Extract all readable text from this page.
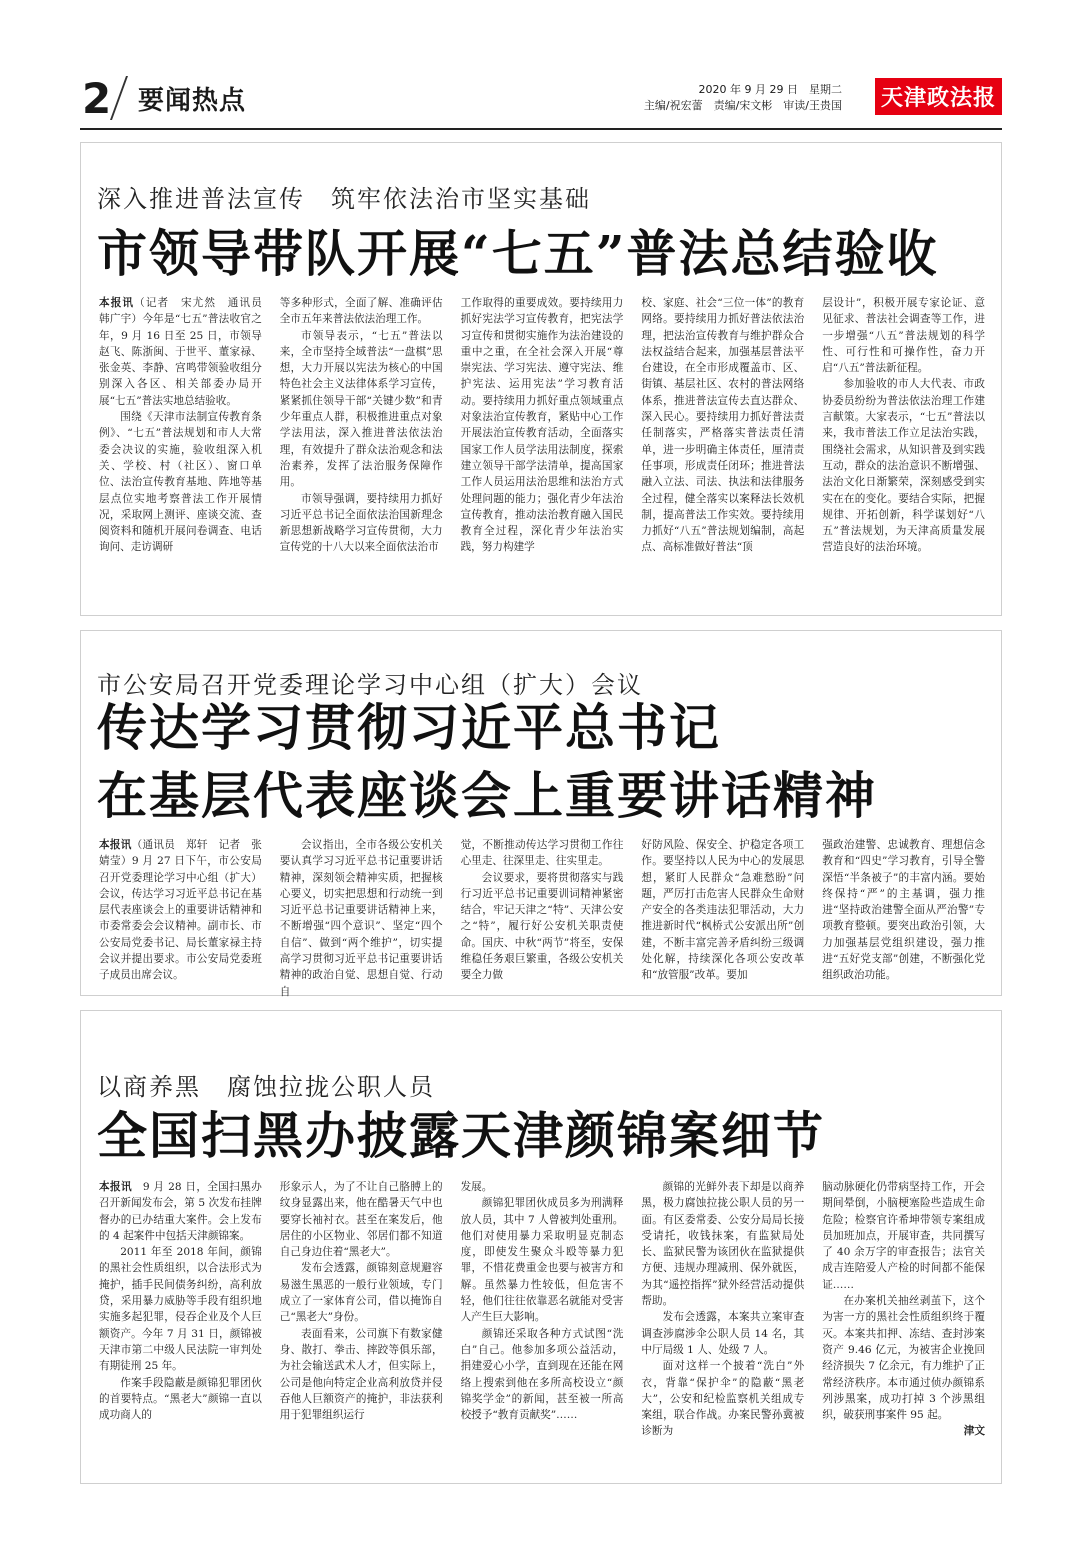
2 要闻热点	2020 年 9 月 29 日　星期二
主编/祝宏蕾　责编/宋文彬　审读/王贵国 天津政法报
深入推进普法宣传　筑牢依法治市坚实基础
市领导带队开展“七五”普法总结验收

本报讯（记者　宋尤然　通讯员　韩广宇）今年是“七五”普法收官之年，9 月 16 日至 25 日，市领导赵飞、陈浙闽、于世平、董家禄、张金英、李静、宫鸣带领验收组分别深入各区、相关部委办局开展“七五”普法实地总结验收。

围绕《天津市法制宣传教育条例》、“七五”普法规划和市人大常委会决议的实施，验收组深入机关、学校、村（社区）、窗口单位、法治宣传教育基地、阵地等基层点位实地考察普法工作开展情况，采取网上测评、座谈交流、查阅资料和随机开展问卷调查、电话询问、走访调研

等多种形式，全面了解、准确评估全市五年来普法依法治理工作。

市领导表示，“七五”普法以来，全市坚持全域普法“一盘棋”思想，大力开展以宪法为核心的中国特色社会主义法律体系学习宣传，紧紧抓住领导干部“关键少数”和青少年重点人群，积极推进重点对象学法用法，深入推进普法依法治理，有效提升了群众法治观念和法治素养，发挥了法治服务保障作用。

市领导强调，要持续用力抓好习近平总书记全面依法治国新理念新思想新战略学习宣传贯彻，大力宣传党的十八大以来全面依法治市

工作取得的重要成效。要持续用力抓好宪法学习宣传教育，把宪法学习宣传和贯彻实施作为法治建设的重中之重，在全社会深入开展“尊崇宪法、学习宪法、遵守宪法、维护宪法、运用宪法”学习教育活动。要持续用力抓好重点领域重点对象法治宣传教育，紧贴中心工作开展法治宣传教育活动，全面落实国家工作人员学法用法制度，探索建立领导干部学法清单，提高国家工作人员运用法治思维和法治方式处理问题的能力；强化青少年法治宣传教育，推动法治教育融入国民教育全过程，深化青少年法治实践，努力构建学

校、家庭、社会“三位一体”的教育网络。要持续用力抓好普法依法治理，把法治宣传教育与维护群众合法权益结合起来，加强基层普法平台建设，在全市形成覆盖市、区、街镇、基层社区、农村的普法网络体系，推进普法宣传去直达群众、深入民心。要持续用力抓好普法责任制落实，严格落实普法责任清单，进一步明确主体责任，厘清责任事项，形成责任闭环；推进普法融入立法、司法、执法和法律服务全过程，健全落实以案释法长效机制，提高普法工作实效。要持续用力抓好“八五”普法规划编制，高起点、高标准做好普法“顶

层设计”，积极开展专家论证、意见征求、普法社会调查等工作，进一步增强“八五”普法规划的科学性、可行性和可操作性，奋力开启“八五”普法新征程。

参加验收的市人大代表、市政协委员纷纷为普法依法治理工作建言献策。大家表示，“七五”普法以来，我市普法工作立足法治实践，围绕社会需求，从知识普及到实践互动，群众的法治意识不断增强、法治文化日渐繁荣，深刻感受到实实在在的变化。要结合实际，把握规律、开拓创新，科学谋划好“八五”普法规划，为天津高质量发展营造良好的法治环境。

市公安局召开党委理论学习中心组（扩大）会议
传达学习贯彻习近平总书记
在基层代表座谈会上重要讲话精神

本报讯（通讯员　郑轩　记者　张婧莹）9 月 27 日下午，市公安局召开党委理论学习中心组（扩大）会议，传达学习习近平总书记在基层代表座谈会上的重要讲话精神和市委常委会会议精神。副市长、市公安局党委书记、局长董家禄主持会议并提出要求。市公安局党委班子成员出席会议。

会议指出，全市各级公安机关要认真学习习近平总书记重要讲话精神，深刻领会精神实质，把握核心要义，切实把思想和行动统一到习近平总书记重要讲话精神上来，不断增强“四个意识”、坚定“四个自信”、做到“两个维护”，切实提高学习贯彻习近平总书记重要讲话精神的政治自觉、思想自觉、行动自

觉，不断推动传达学习贯彻工作往心里走、往深里走、往实里走。

会议要求，要将贯彻落实与践行习近平总书记重要训词精神紧密结合，牢记天津之“特”、天津公安之“特”，履行好公安机关职责使命。国庆、中秋“两节”将至，安保维稳任务艰巨繁重，各级公安机关要全力做

好防风险、保安全、护稳定各项工作。要坚持以人民为中心的发展思想，紧盯人民群众“急难愁盼”问题，严厉打击危害人民群众生命财产安全的各类违法犯罪活动，大力推进新时代“枫桥式公安派出所”创建，不断丰富完善矛盾纠纷三级调处化解，持续深化各项公安改革和“放管服”改革。要加

强政治建警、忠诚教育、理想信念教育和“四史”学习教育，引导全警深悟“半条被子”的丰富内涵。要始终保持“严”的主基调，强力推进“坚持政治建警全面从严治警”专项教育整顿。要突出政治引领，大力加强基层党组织建设，强力推进“五好党支部”创建，不断强化党组织政治功能。

以商养黑　腐蚀拉拢公职人员
全国扫黑办披露天津颜锦案细节

本报讯　 9 月 28 日，全国扫黑办召开新闻发布会，第 5 次发布挂牌督办的已办结重大案件。会上发布的 4 起案件中包括天津颜锦案。

2011 年至 2018 年间，颜锦的黑社会性质组织，以合法形式为掩护，插手民间债务纠纷，高利放贷，采用暴力威胁等手段有组织地实施多起犯罪，侵吞企业及个人巨额资产。今年 7 月 31 日，颜锦被天津市第二中级人民法院一审判处有期徒刑 25 年。

作案手段隐蔽是颜锦犯罪团伙的首要特点。“黑老大”颜锦一直以成功商人的

形象示人，为了不让自己胳膊上的纹身显露出来，他在酷暑天气中也要穿长袖衬衣。甚至在案发后，他居住的小区物业、邻居们都不知道自己身边住着“黑老大”。

发布会透露，颜锦刻意规避容易滋生黑恶的一般行业领域，专门成立了一家体育公司，借以掩饰自己“黑老大”身份。

表面看来，公司旗下有数家健身、散打、拳击、摔跤等俱乐部，为社会输送武术人才，但实际上，公司是他向特定企业高利放贷并侵吞他人巨额资产的掩护，非法获利用于犯罪组织运行

发展。

颜锦犯罪团伙成员多为刑满释放人员，其中 7 人曾被判处重刑。他们对使用暴力采取明显克制态度，即使发生聚众斗殴等暴力犯罪，不惜花费重金也要与被害方和解。虽然暴力性较低，但危害不轻，他们往往依靠恶名就能对受害人产生巨大影响。

颜锦还采取各种方式试图“洗白”自己。他参加多项公益活动，捐建爱心小学，直到现在还能在网络上搜索到他在多所高校设立“颜锦奖学金”的新闻，甚至被一所高校授予“教育贡献奖”……

颜锦的光鲜外表下却是以商养黑，极力腐蚀拉拢公职人员的另一面。有区委常委、公安分局局长接受请托，收钱抹案，有监狱局处长、监狱民警为该团伙在监狱提供方便、违规办理减刑、保外就医，为其“遥控指挥”狱外经营活动提供帮助。

发布会透露，本案共立案审查调查涉腐涉伞公职人员 14 名，其中厅局级 1 人、处级 7 人。

面对这样一个披着“洗白”外衣，背靠“保护伞”的隐蔽“黑老大”，公安和纪检监察机关组成专案组，联合作战。办案民警孙冀被诊断为

脑动脉硬化仍带病坚持工作，开会期间晕倒，小脑梗塞险些造成生命危险；检察官许希坤带领专案组成员加班加点，开展审查，共同撰写了 40 余万字的审查报告；法官关成吉连陪爱人产检的时间都不能保证……

在办案机关抽丝剥茧下，这个为害一方的黑社会性质组织终于覆灭。本案共扣押、冻结、查封涉案资产 9.46 亿元，为被害企业挽回经济损失 7 亿余元，有力维护了正常经济秩序。本市通过侦办颜锦系列涉黑案，成功打掉 3 个涉黑组织，破获刑事案件 95 起。
津文
